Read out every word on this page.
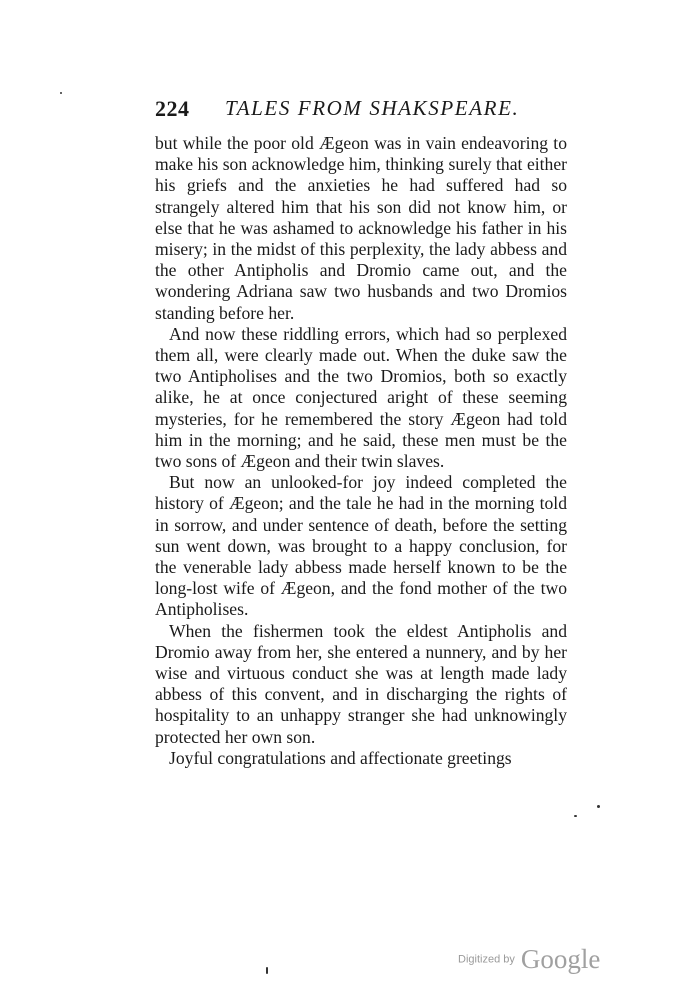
224 TALES FROM SHAKSPEARE.

but while the poor old Ægeon was in vain endeavoring to make his son acknowledge him, thinking surely that either his griefs and the anxieties he had suffered had so strangely altered him that his son did not know him, or else that he was ashamed to acknowledge his father in his misery; in the midst of this perplexity, the lady abbess and the other Antipholis and Dromio came out, and the wondering Adriana saw two husbands and two Dromios standing before her.

And now these riddling errors, which had so perplexed them all, were clearly made out. When the duke saw the two Antipholises and the two Dromios, both so exactly alike, he at once conjectured aright of these seeming mysteries, for he remembered the story Ægeon had told him in the morning; and he said, these men must be the two sons of Ægeon and their twin slaves.

But now an unlooked-for joy indeed completed the history of Ægeon; and the tale he had in the morning told in sorrow, and under sentence of death, before the setting sun went down, was brought to a happy conclusion, for the venerable lady abbess made herself known to be the long-lost wife of Ægeon, and the fond mother of the two Antipholises.

When the fishermen took the eldest Antipholis and Dromio away from her, she entered a nunnery, and by her wise and virtuous conduct she was at length made lady abbess of this convent, and in discharging the rights of hospitality to an unhappy stranger she had unknowingly protected her own son.

Joyful congratulations and affectionate greetings

Digitized by Google
